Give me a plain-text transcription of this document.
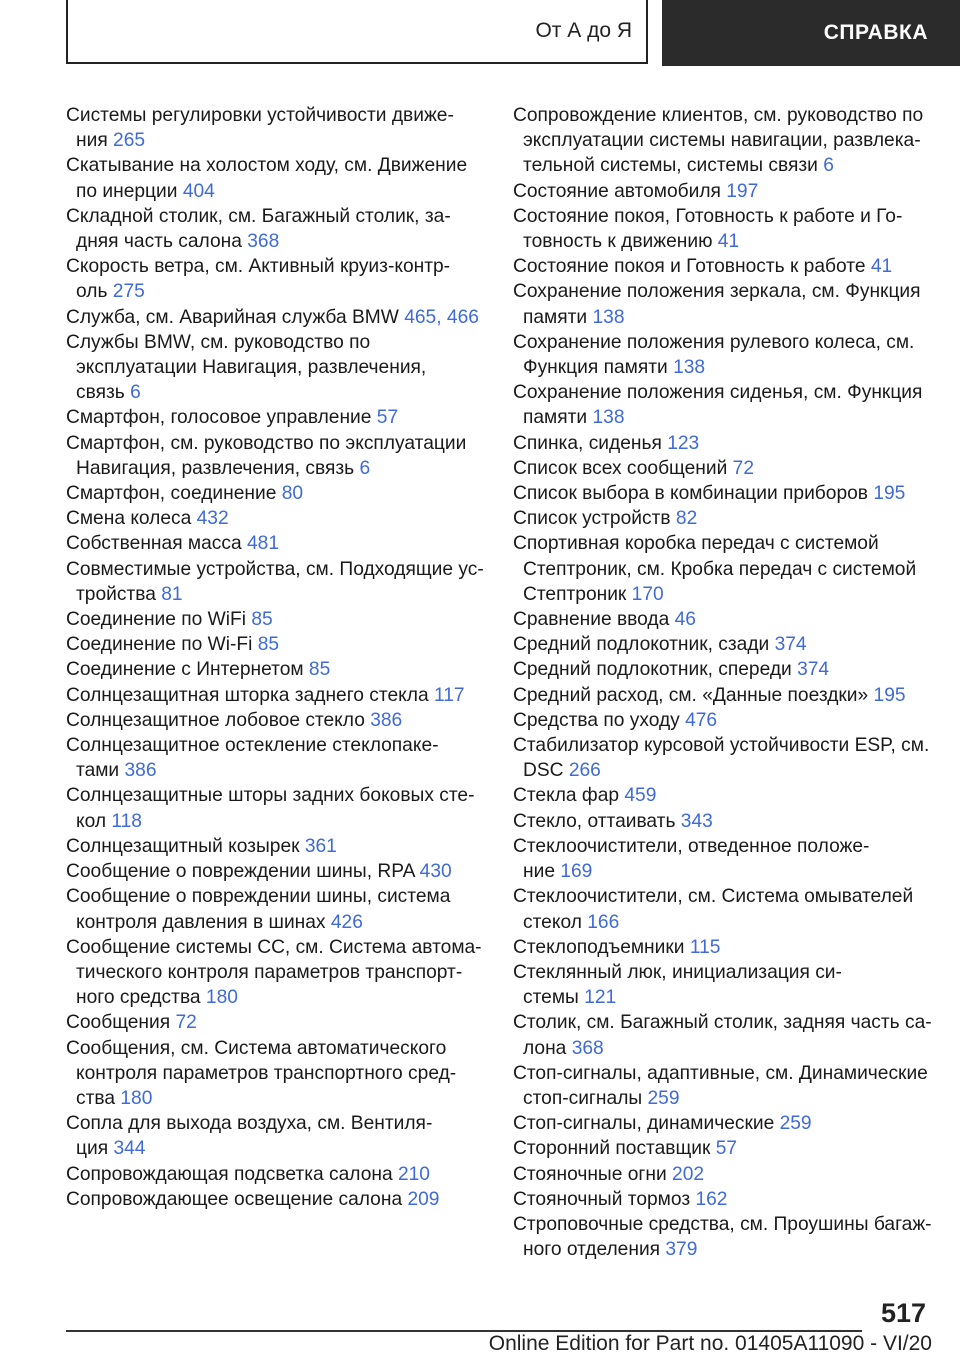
От А до Я	СПРАВКА
Системы регулировки устойчивости движе-
ния 265
Скатывание на холостом ходу, см. Движение
по инерции 404
Складной столик, см. Багажный столик, за-
дняя часть салона 368
Скорость ветра, см. Активный круиз-контр-
оль 275
Служба, см. Аварийная служба BMW 465, 466
Службы BMW, см. руководство по
эксплуатации Навигация, развлечения,
связь 6
Смартфон, голосовое управление 57
Смартфон, см. руководство по эксплуатации
Навигация, развлечения, связь 6
Смартфон, соединение 80
Смена колеса 432
Собственная масса 481
Совместимые устройства, см. Подходящие ус-
тройства 81
Соединение по WiFi 85
Соединение по Wi-Fi 85
Соединение с Интернетом 85
Солнцезащитная шторка заднего стекла 117
Солнцезащитное лобовое стекло 386
Солнцезащитное остекление стеклопаке-
тами 386
Солнцезащитные шторы задних боковых сте-
кол 118
Солнцезащитный козырек 361
Сообщение о повреждении шины, RPA 430
Сообщение о повреждении шины, система
контроля давления в шинах 426
Сообщение системы CC, см. Система автома-
тического контроля параметров транспорт-
ного средства 180
Сообщения 72
Сообщения, см. Система автоматического
контроля параметров транспортного сред-
ства 180
Сопла для выхода воздуха, см. Вентиля-
ция 344
Сопровождающая подсветка салона 210
Сопровождающее освещение салона 209
Сопровождение клиентов, см. руководство по
эксплуатации системы навигации, развлека-
тельной системы, системы связи 6
Состояние автомобиля 197
Состояние покоя, Готовность к работе и Го-
товность к движению 41
Состояние покоя и Готовность к работе 41
Сохранение положения зеркала, см. Функция
памяти 138
Сохранение положения рулевого колеса, см.
Функция памяти 138
Сохранение положения сиденья, см. Функция
памяти 138
Спинка, сиденья 123
Список всех сообщений 72
Список выбора в комбинации приборов 195
Список устройств 82
Спортивная коробка передач с системой
Стептроник, см. Кробка передач с системой
Стептроник 170
Сравнение ввода 46
Средний подлокотник, сзади 374
Средний подлокотник, спереди 374
Средний расход, см. «Данные поездки» 195
Средства по уходу 476
Стабилизатор курсовой устойчивости ESP, см.
DSC 266
Стекла фар 459
Стекло, оттаивать 343
Стеклоочистители, отведенное положе-
ние 169
Стеклоочистители, см. Система омывателей
стекол 166
Стеклоподъемники 115
Стеклянный люк, инициализация си-
стемы 121
Столик, см. Багажный столик, задняя часть са-
лона 368
Стоп-сигналы, адаптивные, см. Динамические
стоп-сигналы 259
Стоп-сигналы, динамические 259
Сторонний поставщик 57
Стояночные огни 202
Стояночный тормоз 162
Строповочные средства, см. Проушины багаж-
ного отделения 379
517
Online Edition for Part no. 01405A11090 - VI/20
